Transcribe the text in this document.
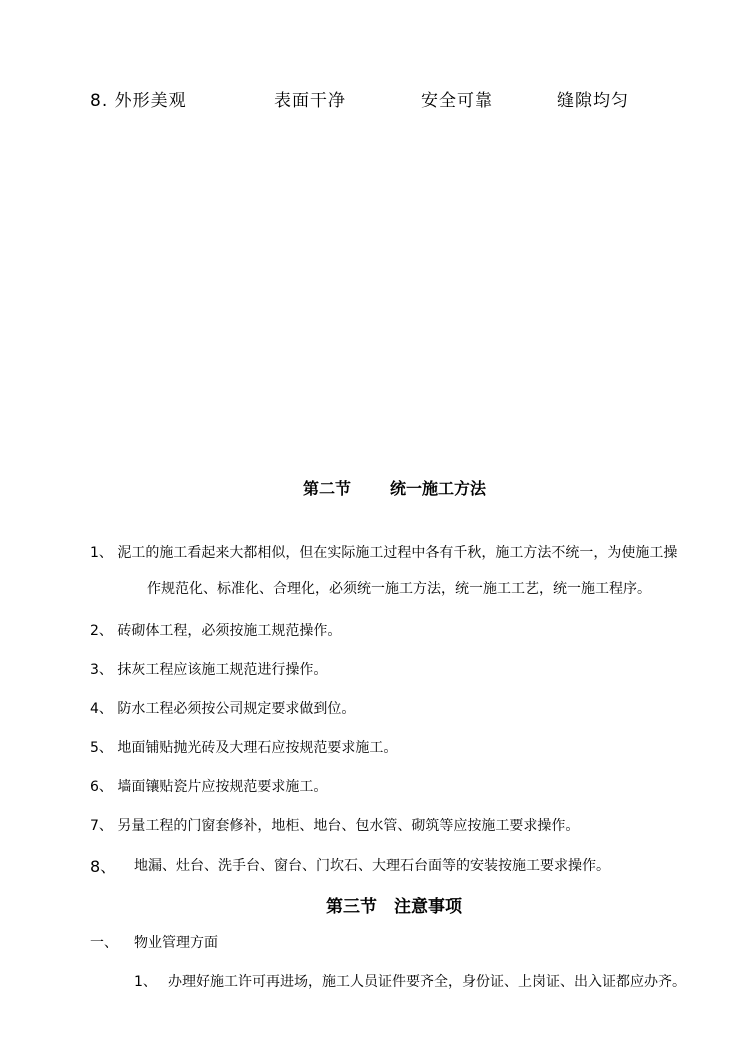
8. 外形美观	表面干净	安全可靠	缝隙均匀
第二节 统一施工方法
1、 泥工的施工看起来大都相似，但在实际施工过程中各有千秋，施工方法不统一，为使施工操
作规范化、标准化、合理化，必须统一施工方法，统一施工工艺，统一施工程序。
2、 砖砌体工程，必须按施工规范操作。
3、 抹灰工程应该施工规范进行操作。
4、 防水工程必须按公司规定要求做到位。
5、 地面铺贴抛光砖及大理石应按规范要求施工。
6、 墙面镶贴瓷片应按规范要求施工。
7、 另量工程的门窗套修补，地柜、地台、包水管、砌筑等应按施工要求操作。
8、 地漏、灶台、洗手台、窗台、门坎石、大理石台面等的安装按施工要求操作。
第三节 注意事项
一、 物业管理方面
1、 办理好施工许可再进场，施工人员证件要齐全，身份证、上岗证、出入证都应办齐。
